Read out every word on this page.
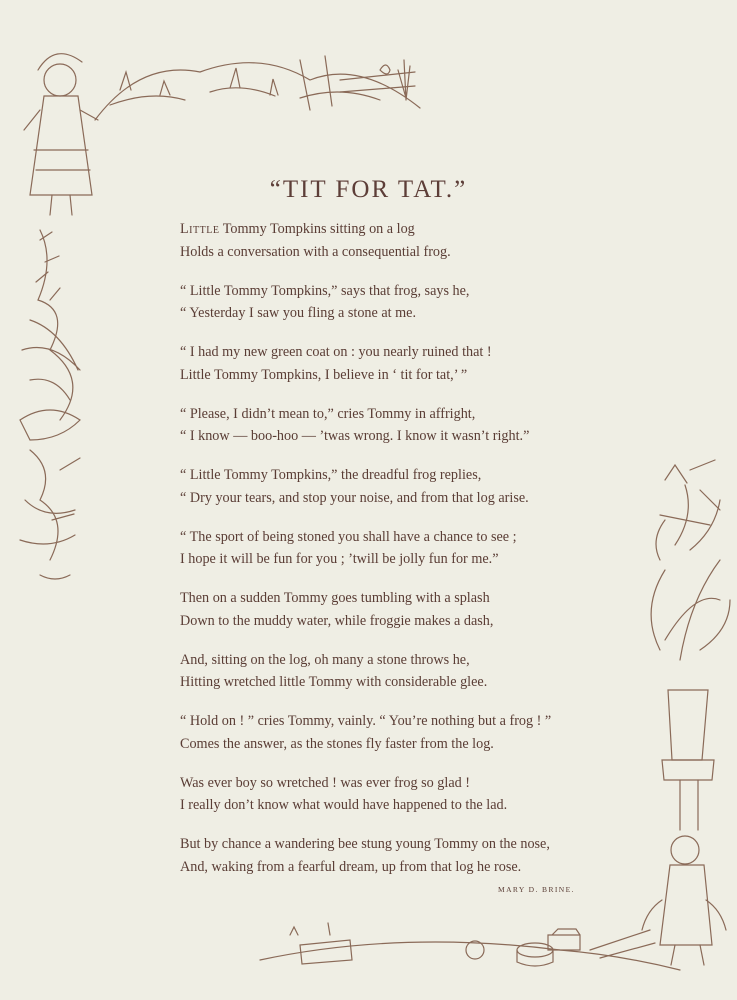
“TIT FOR TAT.”
Little Tommy Tompkins sitting on a log
Holds a conversation with a consequential frog.
“ Little Tommy Tompkins,” says that frog, says he,
“ Yesterday I saw you fling a stone at me.
“ I had my new green coat on : you nearly ruined that !
Little Tommy Tompkins, I believe in ‘ tit for tat,’ ”
“ Please, I didn’t mean to,” cries Tommy in affright,
“ I know — boo-hoo — ’twas wrong. I know it wasn’t right.”
“ Little Tommy Tompkins,” the dreadful frog replies,
“ Dry your tears, and stop your noise, and from that log arise.
“ The sport of being stoned you shall have a chance to see ;
I hope it will be fun for you ; ’twill be jolly fun for me.”
Then on a sudden Tommy goes tumbling with a splash
Down to the muddy water, while froggie makes a dash,
And, sitting on the log, oh many a stone throws he,
Hitting wretched little Tommy with considerable glee.
“ Hold on ! ” cries Tommy, vainly. “ You’re nothing but a frog ! ”
Comes the answer, as the stones fly faster from the log.
Was ever boy so wretched ! was ever frog so glad !
I really don’t know what would have happened to the lad.
But by chance a wandering bee stung young Tommy on the nose,
And, waking from a fearful dream, up from that log he rose.
MARY D. BRINE.
